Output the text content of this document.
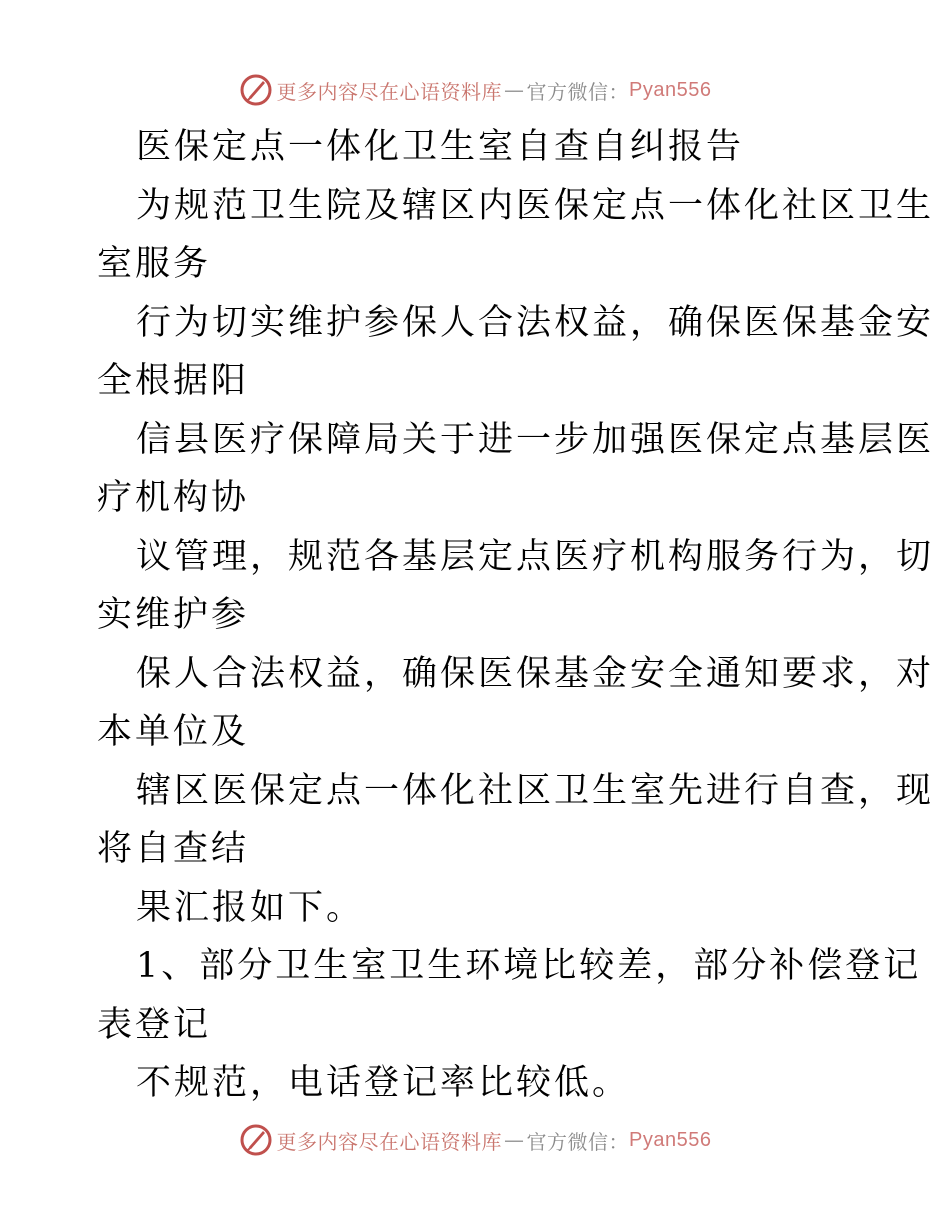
更多内容尽在心语资料库 — 官方微信： Pyan556
医保定点一体化卫生室自查自纠报告
为规范卫生院及辖区内医保定点一体化社区卫生
室服务
行为切实维护参保人合法权益，确保医保基金安
全根据阳
信县医疗保障局关于进一步加强医保定点基层医
疗机构协
议管理，规范各基层定点医疗机构服务行为，切
实维护参
保人合法权益，确保医保基金安全通知要求，对
本单位及
辖区医保定点一体化社区卫生室先进行自查，现
将自查结
果汇报如下。
1、部分卫生室卫生环境比较差，部分补偿登记
表登记
不规范，电话登记率比较低。
更多内容尽在心语资料库 — 官方微信： Pyan556
